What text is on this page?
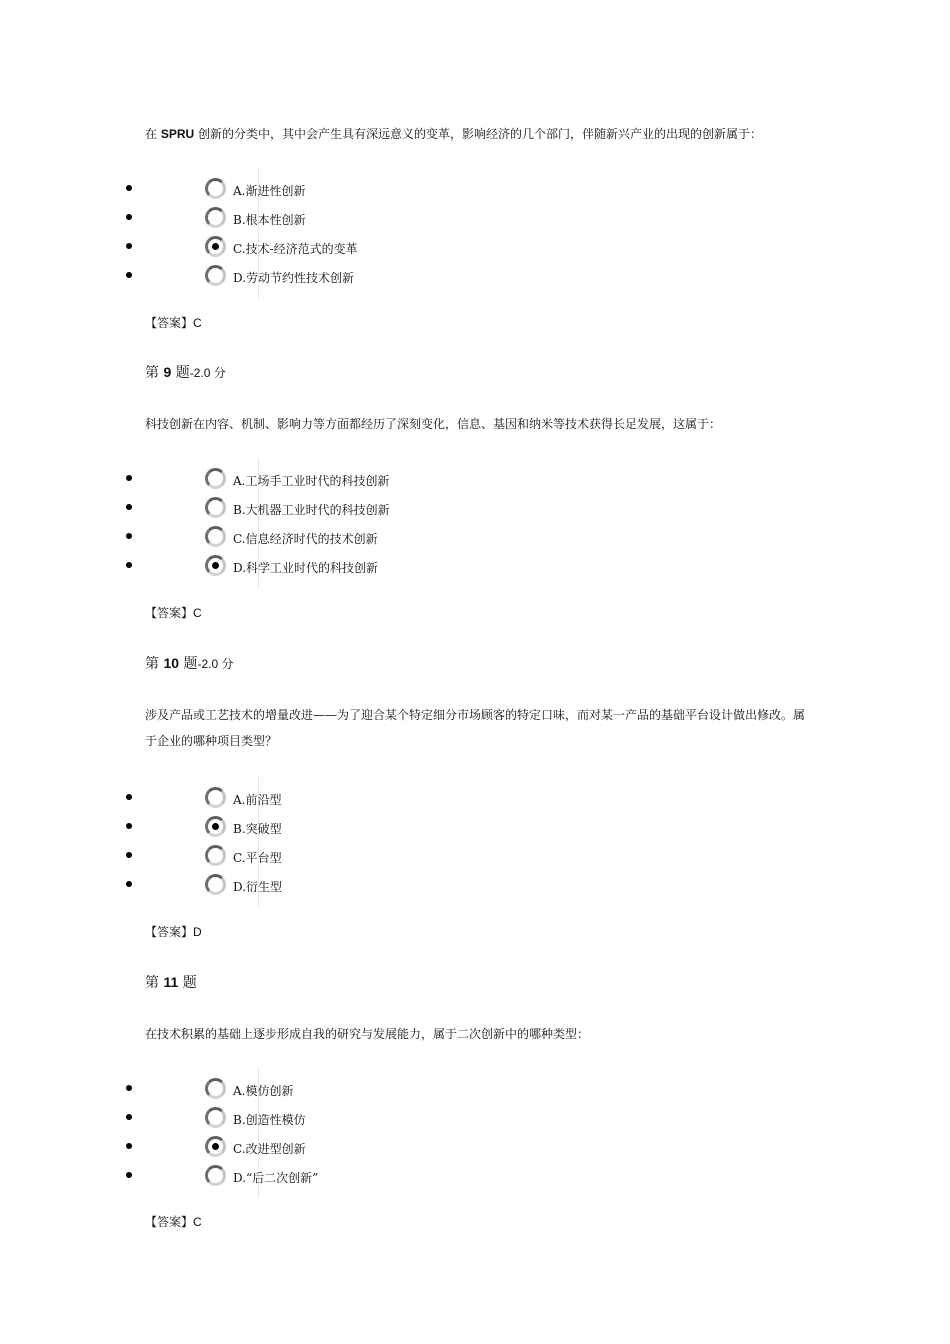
在 SPRU 创新的分类中，其中会产生具有深远意义的变革，影响经济的几个部门，伴随新兴产业的出现的创新属于：
A.渐进性创新
B.根本性创新
C.技术-经济范式的变革
D.劳动节约性技术创新
【答案】C
第 9 题-2.0 分
科技创新在内容、机制、影响力等方面都经历了深刻变化，信息、基因和纳米等技术获得长足发展，这属于：
A.工场手工业时代的科技创新
B.大机器工业时代的科技创新
C.信息经济时代的技术创新
D.科学工业时代的科技创新
【答案】C
第 10 题-2.0 分
涉及产品或工艺技术的增量改进——为了迎合某个特定细分市场顾客的特定口味，而对某一产品的基础平台设计做出修改。属于企业的哪种项目类型？
A.前沿型
B.突破型
C.平台型
D.衍生型
【答案】D
第 11 题
在技术积累的基础上逐步形成自我的研究与发展能力，属于二次创新中的哪种类型：
A.模仿创新
B.创造性模仿
C.改进型创新
D.“后二次创新”
【答案】C
